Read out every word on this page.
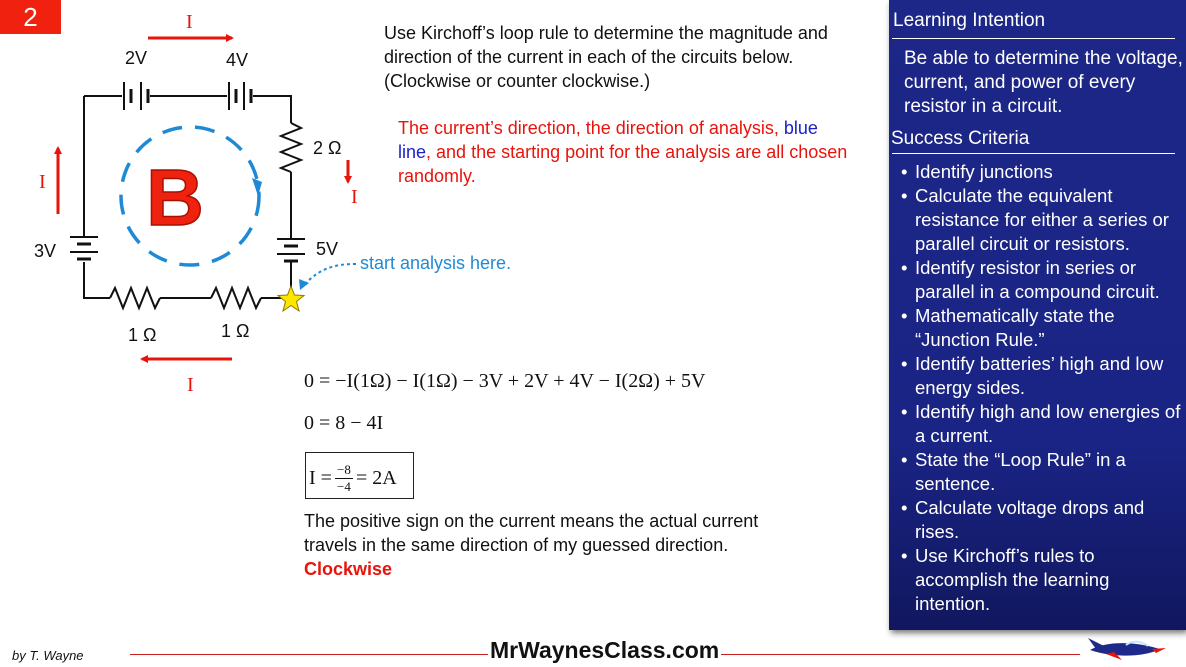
2
B
2V	4V
3V	5V
2 Ω
1 Ω	1 Ω
I
I
I
I
start analysis here.
Use Kirchoff’s loop rule to determine the magnitude and direction of the current in each of the circuits below. (Clockwise or counter clockwise.)
The current’s direction, the direction of analysis, blue line, and the starting point for the analysis are all chosen randomly.
0 = −I(1Ω) − I(1Ω) − 3V + 2V + 4V − I(2Ω) + 5V
0 = 8 − 4I
$I = \frac{-8}{-4} = 2A$
The positive sign on the current means the actual current travels in the same direction of my guessed direction. Clockwise
Learning Intention
Be able to determine the voltage, current, and power of every resistor in a circuit.
Success Criteria
• Identify junctions
• Calculate the equivalent resistance for either a series or parallel circuit or resistors.
• Identify resistor in series or parallel in a compound circuit.
• Mathematically state the “Junction Rule.”
• Identify batteries’ high and low energy sides.
• Identify high and low energies of a current.
• State the “Loop Rule” in a sentence.
• Calculate voltage drops and rises.
• Use Kirchoff’s rules to accomplish the learning intention.
by T. Wayne	MrWaynesClass.com
